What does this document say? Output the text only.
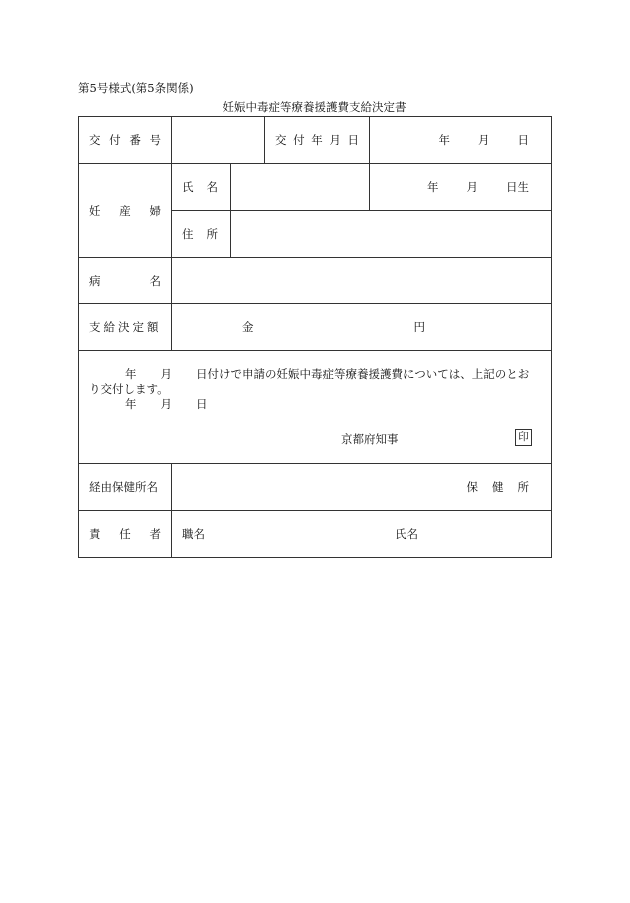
第5号様式(第5条関係)
妊娠中毒症等療養援護費支給決定書
交 付 番 号			交 付 年 月 日	年 月 日

妊 産 婦	氏 名			年 月 日生

	住 所			

病 名				

支給決定額	金 円			

年 月 日付けで申請の妊娠中毒症等療養援護費については、上記のとお
り交付します。
年 月 日
京都府知事 印				

経由保健所名	保健所			

責 任 者	職名 氏名			
